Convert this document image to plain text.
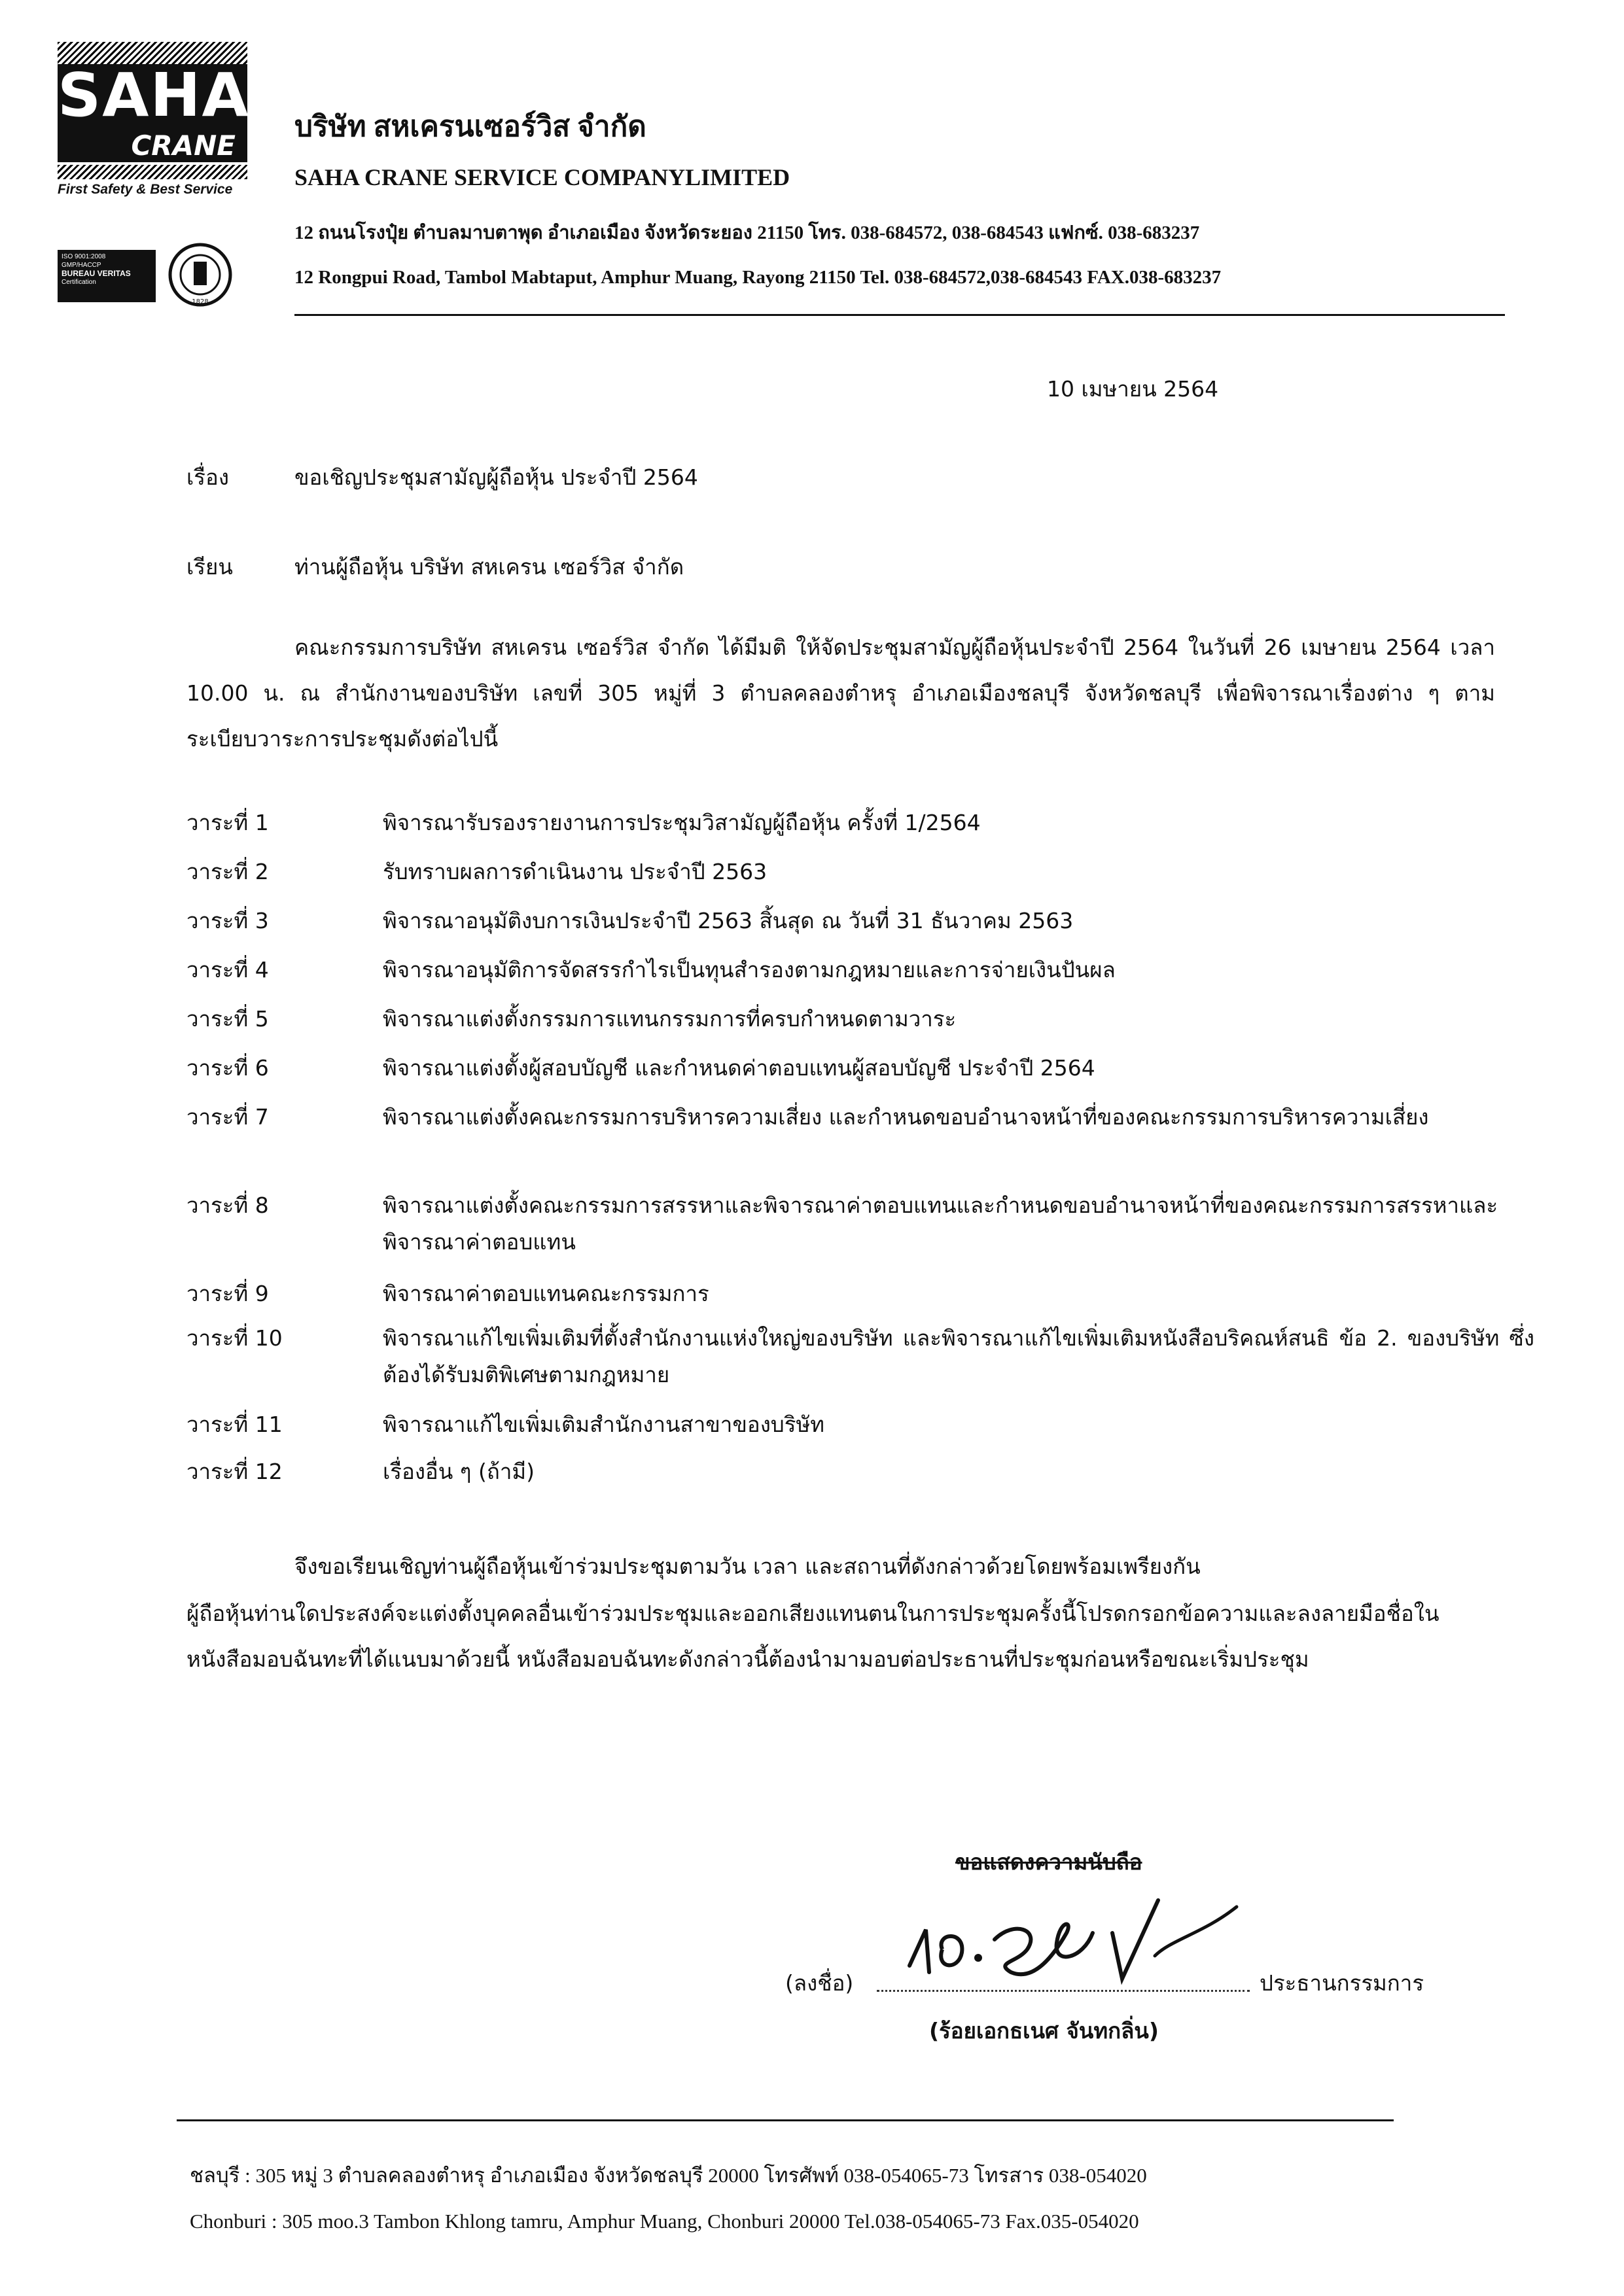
SAHA
CRANE
First Safety & Best Service
ISO 9001:2008
GMP/HACCP
BUREAU VERITAS
Certification
1828
บริษัท สหเครนเซอร์วิส จำกัด
SAHA CRANE SERVICE COMPANYLIMITED
12 ถนนโรงปุ๋ย ตำบลมาบตาพุด อำเภอเมือง จังหวัดระยอง 21150 โทร. 038-684572, 038-684543 แฟกซ์. 038-683237
12 Rongpui Road, Tambol Mabtaput, Amphur Muang, Rayong 21150 Tel. 038-684572,038-684543 FAX.038-683237
10 เมษายน 2564
เรื่อง	ขอเชิญประชุมสามัญผู้ถือหุ้น ประจำปี 2564
เรียน	ท่านผู้ถือหุ้น บริษัท สหเครน เซอร์วิส จำกัด
คณะกรรมการบริษัท สหเครน เซอร์วิส จำกัด ได้มีมติ ให้จัดประชุมสามัญผู้ถือหุ้นประจำปี 2564 ในวันที่ 26 เมษายน 2564 เวลา 10.00 น. ณ สำนักงานของบริษัท เลขที่ 305 หมู่ที่ 3 ตำบลคลองตำหรุ อำเภอเมืองชลบุรี จังหวัดชลบุรี เพื่อพิจารณาเรื่องต่าง ๆ ตามระเบียบวาระการประชุมดังต่อไปนี้
วาระที่ 1	พิจารณารับรองรายงานการประชุมวิสามัญผู้ถือหุ้น ครั้งที่ 1/2564
วาระที่ 2	รับทราบผลการดำเนินงาน ประจำปี 2563
วาระที่ 3	พิจารณาอนุมัติงบการเงินประจำปี 2563 สิ้นสุด ณ วันที่ 31 ธันวาคม 2563
วาระที่ 4	พิจารณาอนุมัติการจัดสรรกำไรเป็นทุนสำรองตามกฎหมายและการจ่ายเงินปันผล
วาระที่ 5	พิจารณาแต่งตั้งกรรมการแทนกรรมการที่ครบกำหนดตามวาระ
วาระที่ 6	พิจารณาแต่งตั้งผู้สอบบัญชี และกำหนดค่าตอบแทนผู้สอบบัญชี ประจำปี 2564
วาระที่ 7	พิจารณาแต่งตั้งคณะกรรมการบริหารความเสี่ยง และกำหนดขอบอำนาจหน้าที่ของคณะกรรมการบริหารความเสี่ยง
วาระที่ 8	พิจารณาแต่งตั้งคณะกรรมการสรรหาและพิจารณาค่าตอบแทนและกำหนดขอบอำนาจหน้าที่ของคณะกรรมการสรรหาและพิจารณาค่าตอบแทน
วาระที่ 9	พิจารณาค่าตอบแทนคณะกรรมการ
วาระที่ 10	พิจารณาแก้ไขเพิ่มเติมที่ตั้งสำนักงานแห่งใหญ่ของบริษัท และพิจารณาแก้ไขเพิ่มเติมหนังสือบริคณห์สนธิ ข้อ 2. ของบริษัท ซึ่งต้องได้รับมติพิเศษตามกฎหมาย
วาระที่ 11	พิจารณาแก้ไขเพิ่มเติมสำนักงานสาขาของบริษัท
วาระที่ 12	เรื่องอื่น ๆ (ถ้ามี)
จึงขอเรียนเชิญท่านผู้ถือหุ้นเข้าร่วมประชุมตามวัน เวลา และสถานที่ดังกล่าวด้วยโดยพร้อมเพรียงกัน
ผู้ถือหุ้นท่านใดประสงค์จะแต่งตั้งบุคคลอื่นเข้าร่วมประชุมและออกเสียงแทนตนในการประชุมครั้งนี้โปรดกรอกข้อความและลงลายมือชื่อในหนังสือมอบฉันทะที่ได้แนบมาด้วยนี้ หนังสือมอบฉันทะดังกล่าวนี้ต้องนำมามอบต่อประธานที่ประชุมก่อนหรือขณะเริ่มประชุม
ขอแสดงความนับถือ
(ลงชื่อ)	ประธานกรรมการ
(ร้อยเอกธเนศ จันทกลิ่น)
ชลบุรี : 305 หมู่ 3 ตำบลคลองตำหรุ อำเภอเมือง จังหวัดชลบุรี 20000 โทรศัพท์ 038-054065-73 โทรสาร 038-054020
Chonburi : 305 moo.3 Tambon Khlong tamru, Amphur Muang, Chonburi 20000 Tel.038-054065-73 Fax.035-054020
